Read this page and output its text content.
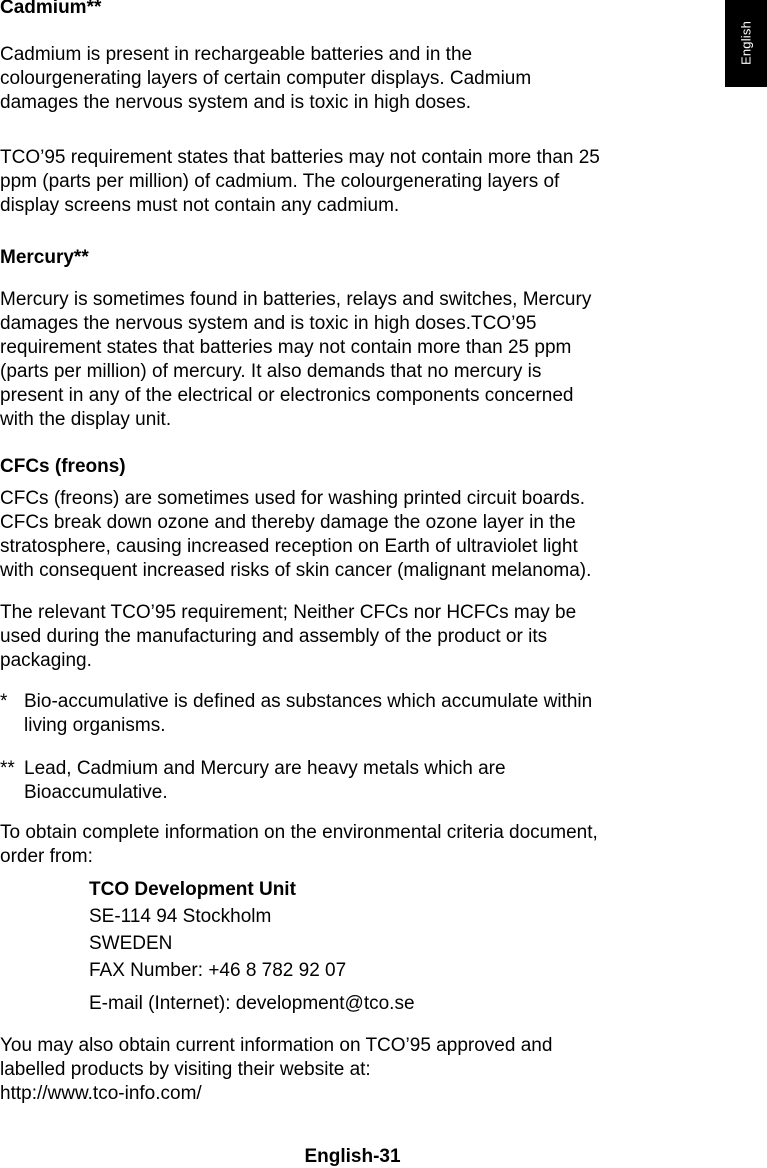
English
Cadmium**

Cadmium is present in rechargeable batteries and in the

colourgenerating layers of certain computer displays. Cadmium

damages the nervous system and is toxic in high doses.

TCO’95 requirement states that batteries may not contain more than 25

ppm (parts per million) of cadmium. The colourgenerating layers of

display screens must not contain any cadmium.

Mercury**

Mercury is sometimes found in batteries, relays and switches, Mercury

damages the nervous system and is toxic in high doses.TCO’95

requirement states that batteries may not contain more than 25 ppm

(parts per million) of mercury. It also demands that no mercury is

present in any of the electrical or electronics components concerned

with the display unit.

CFCs (freons)

CFCs (freons) are sometimes used for washing printed circuit boards.

CFCs break down ozone and thereby damage the ozone layer in the

stratosphere, causing increased reception on Earth of ultraviolet light

with consequent increased risks of skin cancer (malignant melanoma).

The relevant TCO’95 requirement; Neither CFCs nor HCFCs may be

used during the manufacturing and assembly of the product or its

packaging.

* Bio-accumulative is defined as substances which accumulate within
living organisms.
** Lead, Cadmium and Mercury are heavy metals which are
Bioaccumulative.

To obtain complete information on the environmental criteria document,

order from:

TCO Development Unit
SE-114 94 Stockholm
SWEDEN
FAX Number: +46 8 782 92 07
E-mail (Internet): development@tco.se

You may also obtain current information on TCO’95 approved and

labelled products by visiting their website at:

http://www.tco-info.com/

English-31
